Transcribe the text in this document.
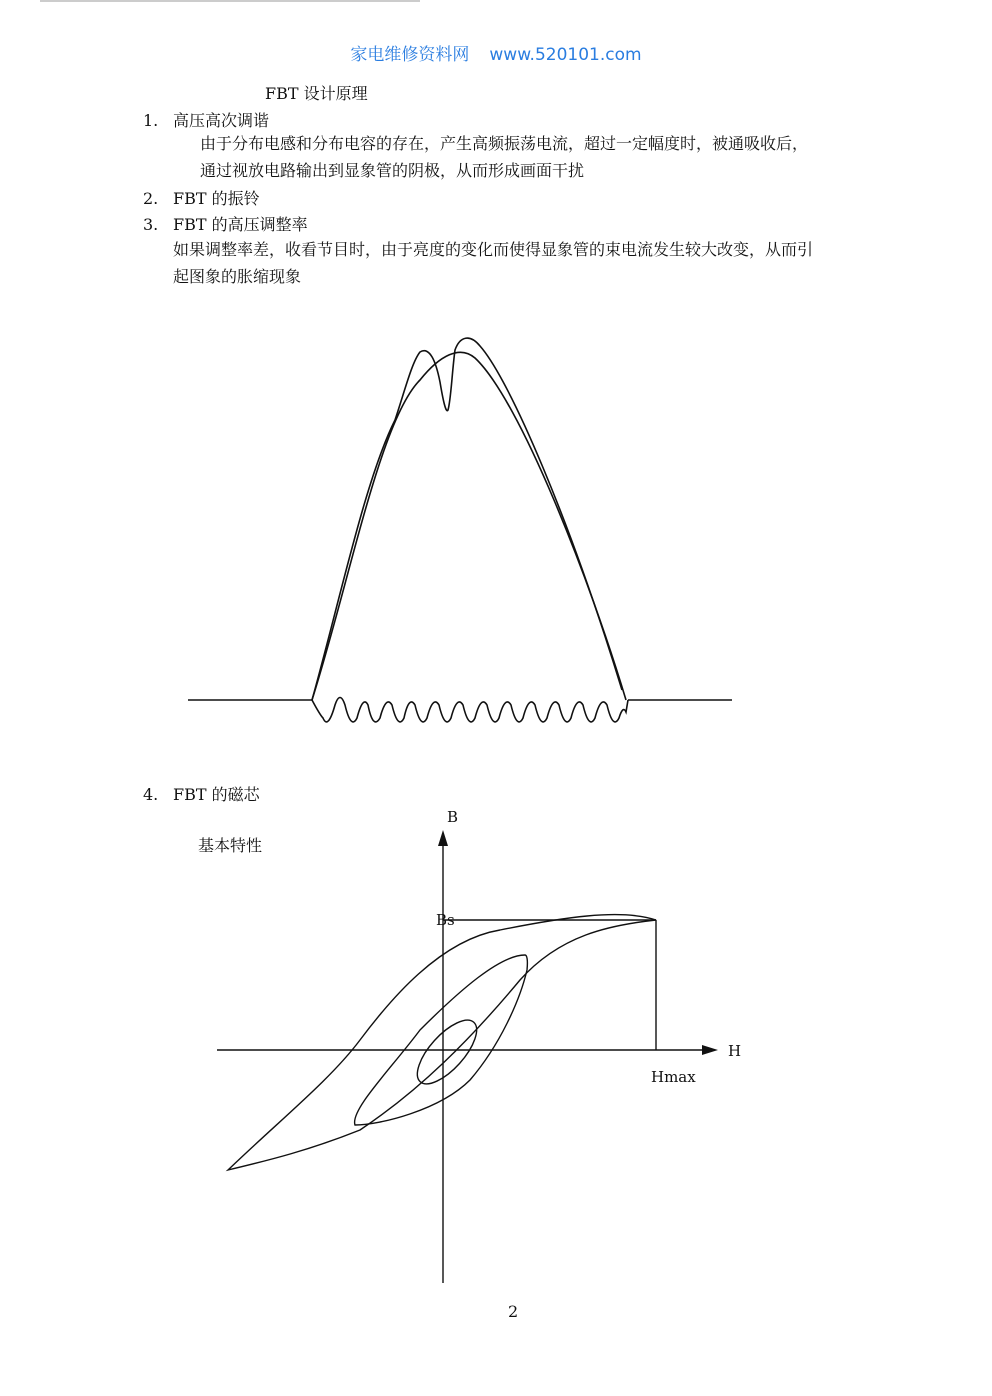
家电维修资料网 www.520101.com
FBT 设计原理
1. 高压高次调谐
由于分布电感和分布电容的存在，产生高频振荡电流，超过一定幅度时，被通吸收后，
通过视放电路输出到显象管的阴极，从而形成画面干扰
2. FBT 的振铃
3. FBT 的高压调整率
如果调整率差，收看节目时，由于亮度的变化而使得显象管的束电流发生较大改变，从而引
起图象的胀缩现象
4. FBT 的磁芯
基本特性
B
Bs
H
Hmax
2
